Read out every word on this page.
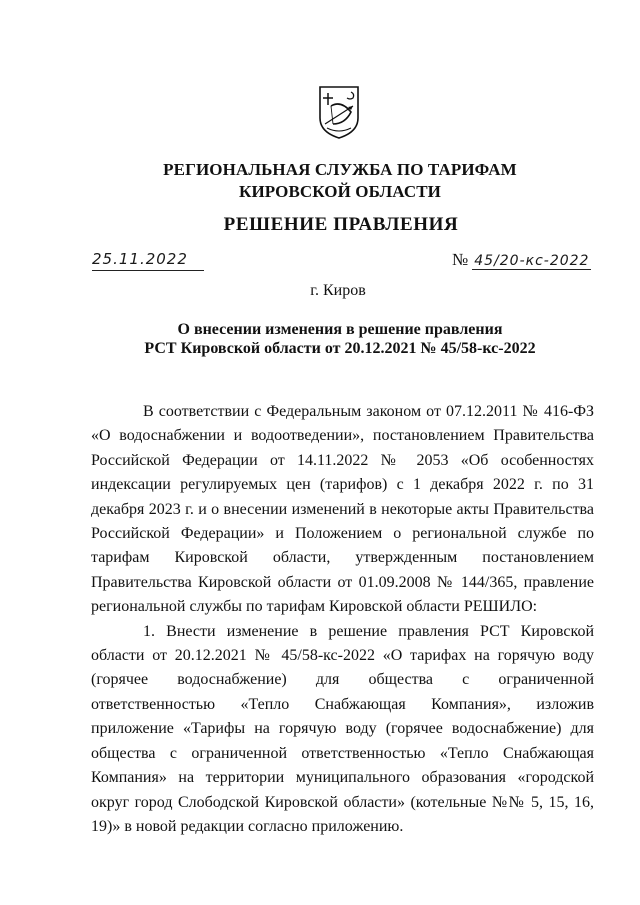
РЕГИОНАЛЬНАЯ СЛУЖБА ПО ТАРИФАМ
КИРОВСКОЙ ОБЛАСТИ
РЕШЕНИЕ ПРАВЛЕНИЯ
25.11.2022	№ 45/20-кс-2022
г. Киров
О внесении изменения в решение правления
РСТ Кировской области от 20.12.2021 № 45/58-кс-2022

В соответствии с Федеральным законом от 07.12.2011 № 416-ФЗ «О водоснабжении и водоотведении», постановлением Правительства Российской Федерации от 14.11.2022 № 2053 «Об особенностях индексации регулируемых цен (тарифов) с 1 декабря 2022 г. по 31 декабря 2023 г. и о внесении изменений в некоторые акты Правительства Российской Федерации» и Положением о региональной службе по тарифам Кировской области, утвержденным постановлением Правительства Кировской области от 01.09.2008 № 144/365, правление региональной службы по тарифам Кировской области РЕШИЛО:

1. Внести изменение в решение правления РСТ Кировской области от 20.12.2021 № 45/58-кс-2022 «О тарифах на горячую воду (горячее водоснабжение) для общества с ограниченной ответственностью «Тепло Снабжающая Компания», изложив приложение «Тарифы на горячую воду (горячее водоснабжение) для общества с ограниченной ответственностью «Тепло Снабжающая Компания» на территории муниципального образования «городской округ город Слободской Кировской области» (котельные №№ 5, 15, 16, 19)» в новой редакции согласно приложению.
